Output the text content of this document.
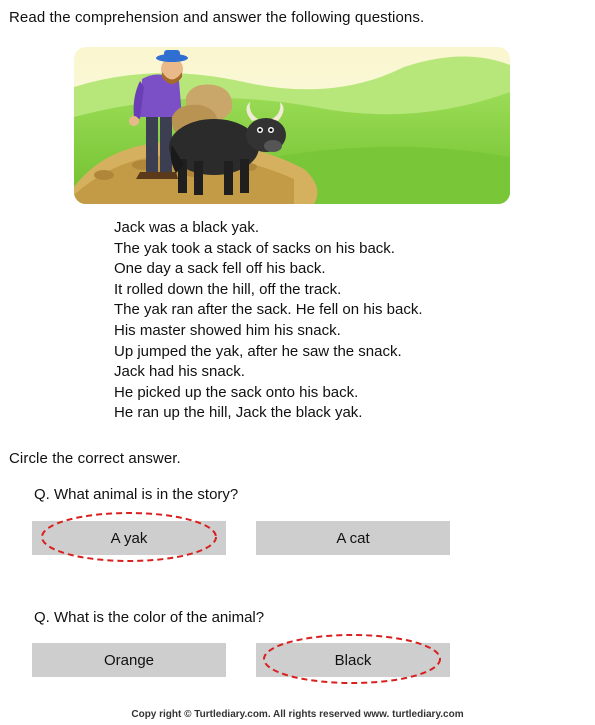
Read the comprehension and answer the following questions.
Jack was a black yak.
The yak took a stack of sacks on his back.
One day a sack fell off his back.
It rolled down the hill, off the track.
The yak ran after the sack. He fell on his back.
His master showed him his snack.
Up jumped the yak, after he saw the snack.
Jack had his snack.
He picked up the sack onto his back.
He ran up the hill, Jack the black yak.
Circle the correct answer.
Q. What animal is in the story?
A yak	A cat
Q. What is the color of the animal?
Orange	Black
Copy right © Turtlediary.com. All rights reserved www. turtlediary.com
